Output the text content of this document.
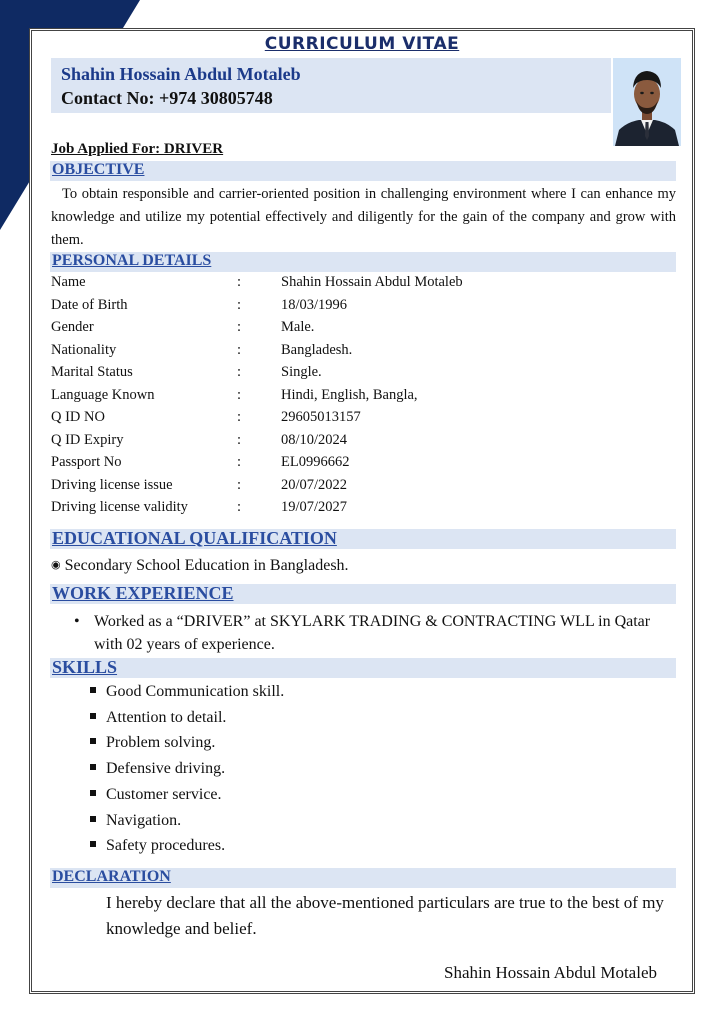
CURRICULUM VITAE
Shahin Hossain Abdul Motaleb
Contact No: +974 30805748
Job Applied For: DRIVER
OBJECTIVE
To obtain responsible and carrier-oriented position in challenging environment where I can enhance my knowledge and utilize my potential effectively and diligently for the gain of the company and grow with them.
PERSONAL DETAILS
Name	:	Shahin Hossain Abdul Motaleb
Date of Birth	:	18/03/1996
Gender	:	Male.
Nationality	:	Bangladesh.
Marital Status	:	Single.
Language Known	:	Hindi, English, Bangla,
Q ID NO	:	29605013157
Q ID Expiry	:	08/10/2024
Passport No	:	EL0996662
Driving license issue	:	20/07/2022
Driving license validity	:	19/07/2027
EDUCATIONAL QUALIFICATION
◉ Secondary School Education in Bangladesh.
WORK EXPERIENCE
• Worked as a “DRIVER” at SKYLARK TRADING & CONTRACTING WLL in Qatar with 02 years of experience.
SKILLS
Good Communication skill.
Attention to detail.
Problem solving.
Defensive driving.
Customer service.
Navigation.
Safety procedures.
DECLARATION
I hereby declare that all the above-mentioned particulars are true to the best of my knowledge and belief.
Shahin Hossain Abdul Motaleb
